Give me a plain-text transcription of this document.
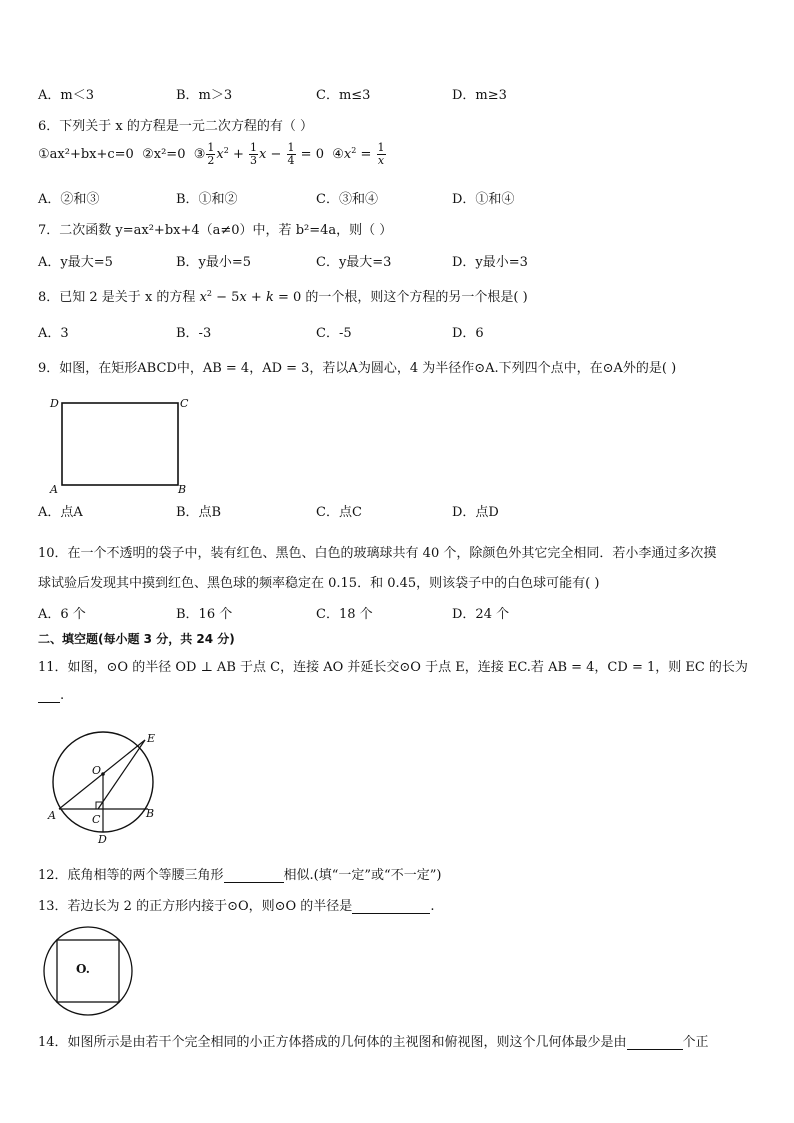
A．m＜3	B．m＞3	C．m≤3	D．m≥3
6．下列关于 x 的方程是一元二次方程的有（ ）
①ax²+bx+c=0 ②x²=0 ③ $\frac{1}{2} x^2 + \frac{1}{3}$ $x - \frac{1}{4} = 0$ $④x^2 = \frac{1}{x}$
A．②和③	B．①和②	C．③和④	D．①和④
7．二次函数 y=ax²+bx+4（a≠0）中，若 b²=4a，则（ ）
A．y最大=5	B．y最小=5	C．y最大=3	D．y最小=3
8．已知 2 是关于 x 的方程 $x^2 - 5x + k = 0$ 的一个根，则这个方程的另一个根是( )
A．3	B．-3	C．-5	D．6
9．如图，在矩形ABCD中，AB = 4，AD = 3，若以A为圆心，4 为半径作⊙A.下列四个点中，在⊙A外的是( )
D	C
A	B
A．点A	B．点B	C．点C	D．点D
10．在一个不透明的袋子中，装有红色、黑色、白色的玻璃球共有 40 个，除颜色外其它完全相同．若小李通过多次摸
球试验后发现其中摸到红色、黑色球的频率稳定在 0.15．和 0.45，则该袋子中的白色球可能有( )
A．6 个	B．16 个	C．18 个	D．24 个
二、填空题(每小题 3 分，共 24 分)
11．如图，⊙O 的半径 OD ⊥ AB 于点 C，连接 AO 并延长交⊙O 于点 E，连接 EC.若 AB = 4，CD = 1，则 EC 的长为
.
E
O
A	C	B
D
12．底角相等的两个等腰三角形	相似.(填“一定”或“不一定”)
13．若边长为 2 的正方形内接于⊙O，则⊙O 的半径是	.
O.
14．如图所示是由若干个完全相同的小正方体搭成的几何体的主视图和俯视图，则这个几何体最少是由	个正
